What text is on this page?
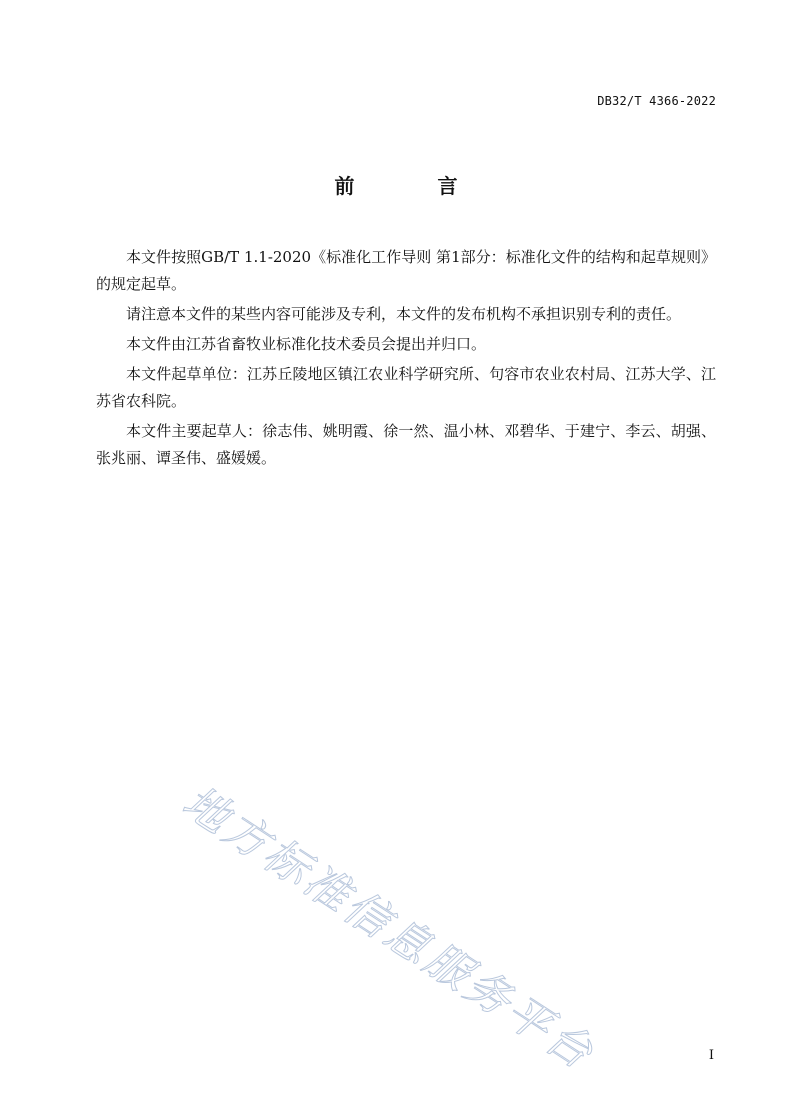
DB32/T 4366-2022
前 言

本文件按照GB/T 1.1-2020《标准化工作导则 第1部分：标准化文件的结构和起草规则》的规定起草。

请注意本文件的某些内容可能涉及专利，本文件的发布机构不承担识别专利的责任。

本文件由江苏省畜牧业标准化技术委员会提出并归口。

本文件起草单位：江苏丘陵地区镇江农业科学研究所、句容市农业农村局、江苏大学、江苏省农科院。

本文件主要起草人：徐志伟、姚明霞、徐一然、温小林、邓碧华、于建宁、李云、胡强、张兆丽、谭圣伟、盛媛媛。

地方标准信息服务平台	I
